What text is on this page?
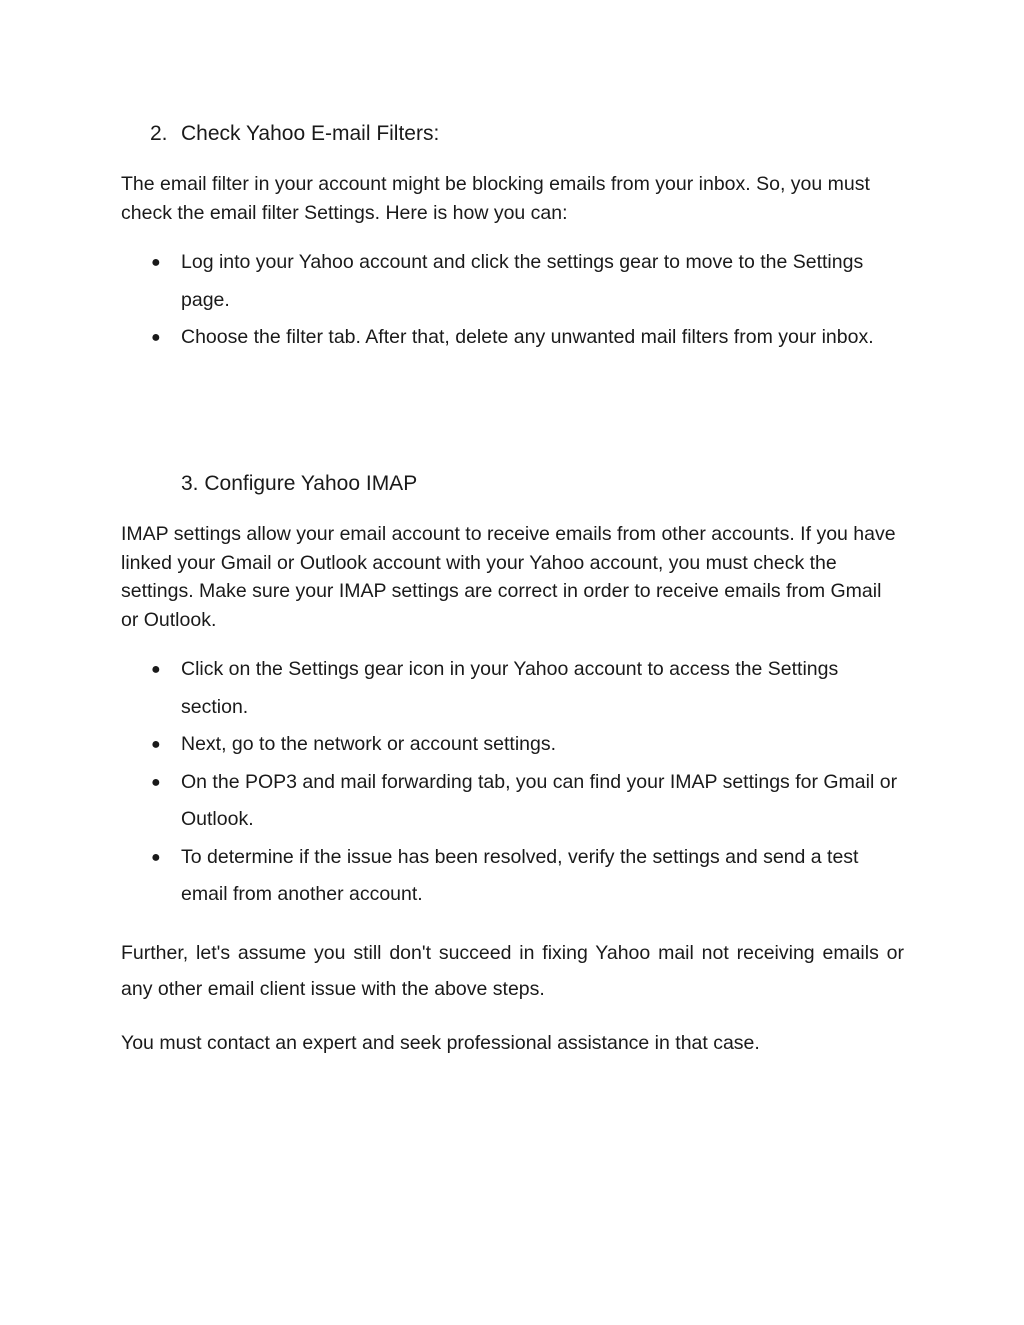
2. Check Yahoo E-mail Filters:

The email filter in your account might be blocking emails from your inbox. So, you must check the email filter Settings. Here is how you can:

● Log into your Yahoo account and click the settings gear to move to the Settings page.
● Choose the filter tab. After that, delete any unwanted mail filters from your inbox.
3. Configure Yahoo IMAP

IMAP settings allow your email account to receive emails from other accounts. If you have linked your Gmail or Outlook account with your Yahoo account, you must check the settings. Make sure your IMAP settings are correct in order to receive emails from Gmail or Outlook.

● Click on the Settings gear icon in your Yahoo account to access the Settings section.
● Next, go to the network or account settings.
● On the POP3 and mail forwarding tab, you can find your IMAP settings for Gmail or Outlook.
● To determine if the issue has been resolved, verify the settings and send a test email from another account.

Further, let's assume you still don't succeed in fixing Yahoo mail not receiving emails or any other email client issue with the above steps.

You must contact an expert and seek professional assistance in that case.
